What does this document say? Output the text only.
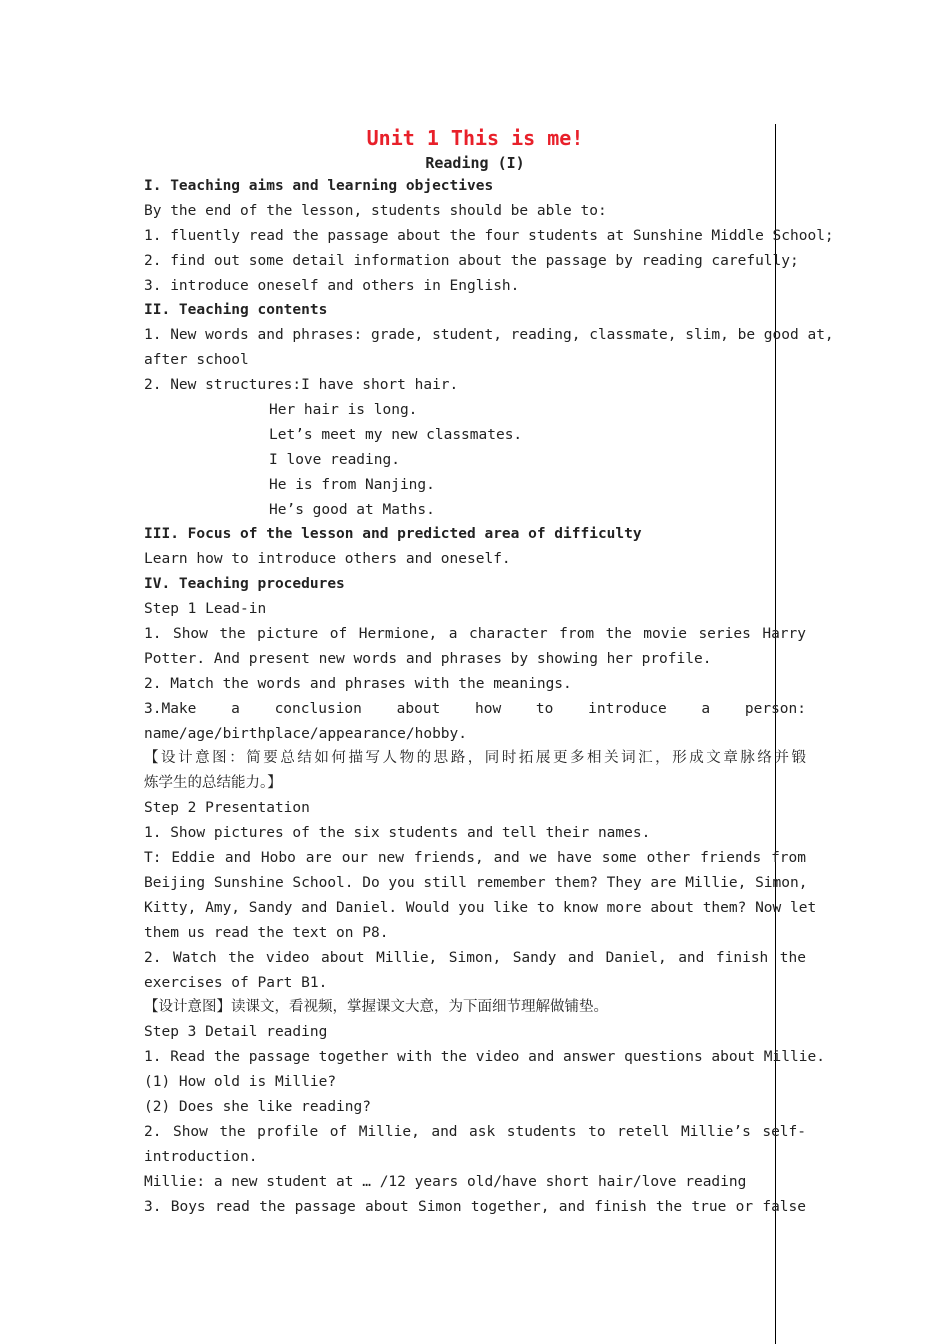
Unit 1 This is me!
Reading (I)
I. Teaching aims and learning objectives
By the end of the lesson, students should be able to:
1. fluently read the passage about the four students at Sunshine Middle School;
2. find out some detail information about the passage by reading carefully;
3. introduce oneself and others in English.
II. Teaching contents
1. New words and phrases: grade, student, reading, classmate, slim, be good at,
after school
2. New structures:I have short hair.
Her hair is long.
Let’s meet my new classmates.
I love reading.
He is from Nanjing.
He’s good at Maths.
III. Focus of the lesson and predicted area of difficulty
Learn how to introduce others and oneself.
IV. Teaching procedures
Step 1 Lead-in
1. Show the picture of Hermione, a character from the movie series Harry
Potter. And present new words and phrases by showing her profile.
2. Match the words and phrases with the meanings.
3.Make a conclusion about how to introduce a person:
name/age/birthplace/appearance/hobby.
【设计意图：简要总结如何描写人物的思路，同时拓展更多相关词汇，形成文章脉络并锻
炼学生的总结能力。】
Step 2 Presentation
1. Show pictures of the six students and tell their names.
T: Eddie and Hobo are our new friends, and we have some other friends from
Beijing Sunshine School. Do you still remember them? They are Millie, Simon,
Kitty, Amy, Sandy and Daniel. Would you like to know more about them? Now let
them us read the text on P8.
2. Watch the video about Millie, Simon, Sandy and Daniel, and finish the
exercises of Part B1.
【设计意图】读课文，看视频，掌握课文大意，为下面细节理解做铺垫。
Step 3 Detail reading
1. Read the passage together with the video and answer questions about Millie.
(1) How old is Millie?
(2) Does she like reading?
2. Show the profile of Millie, and ask students to retell Millie’s self-
introduction.
Millie: a new student at … /12 years old/have short hair/love reading
3. Boys read the passage about Simon together, and finish the true or false
